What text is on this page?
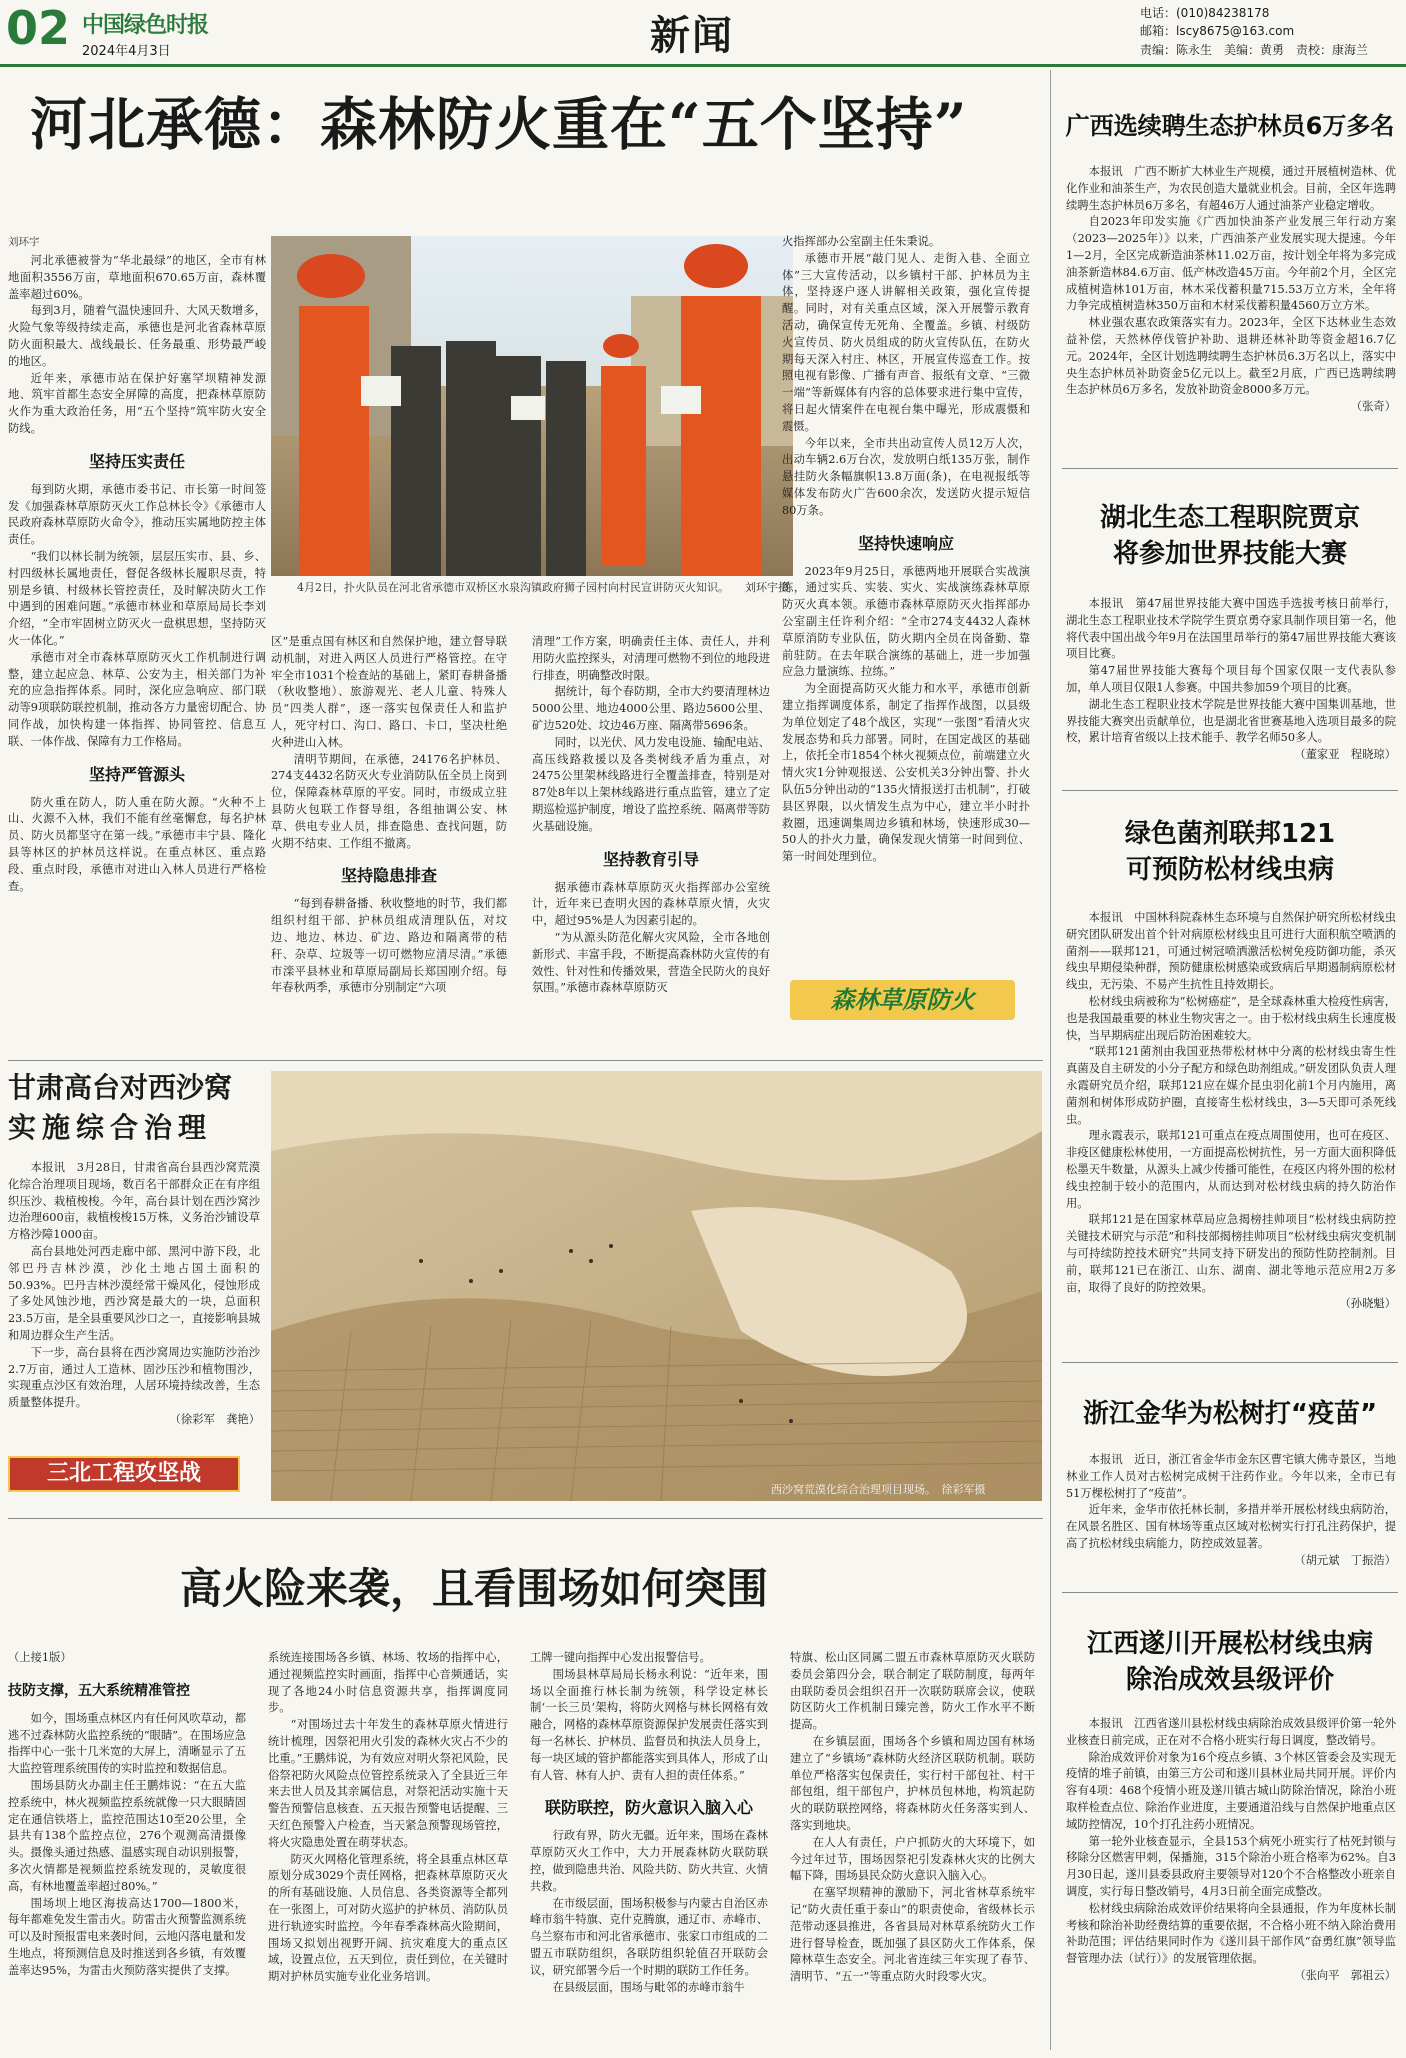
02 中国绿色时报
2024年4月3日	新闻	电话：(010)84238178
邮箱：lscy8675@163.com
责编：陈永生　美编：黄勇　责校：康海兰
河北承德：森林防火重在“五个坚持”
刘环宇

河北承德被誉为“华北最绿”的地区，全市有林地面积3556万亩，草地面积670.65万亩，森林覆盖率超过60%。

每到3月，随着气温快速回升、大风天数增多，火险气象等级持续走高，承德也是河北省森林草原防火面积最大、战线最长、任务最重、形势最严峻的地区。

近年来，承德市站在保护好塞罕坝精神发源地、筑牢首都生态安全屏障的高度，把森林草原防火作为重大政治任务，用“五个坚持”筑牢防火安全防线。

坚持压实责任

每到防火期，承德市委书记、市长第一时间签发《加强森林草原防灭火工作总林长令》《承德市人民政府森林草原防火命令》，推动压实属地防控主体责任。

“我们以林长制为统领，层层压实市、县、乡、村四级林长属地责任，督促各级林长履职尽责，特别是乡镇、村级林长管控责任，及时解决防火工作中遇到的困难问题。”承德市林业和草原局局长李刘介绍，“全市牢固树立防灭火一盘棋思想，坚持防灭火一体化。”

承德市对全市森林草原防灭火工作机制进行调整，建立起应急、林草、公安为主，相关部门为补充的应急指挥体系。同时，深化应急响应、部门联动等9项联防联控机制，推动各方力量密切配合、协同作战，加快构建一体指挥、协同管控、信息互联、一体作战、保障有力工作格局。

坚持严管源头

防火重在防人，防人重在防火源。“火种不上山、火源不入林，我们不能有丝毫懈怠，每名护林员、防火员都坚守在第一线。”承德市丰宁县、隆化县等林区的护林员这样说。在重点林区、重点路段、重点时段，承德市对进山入林人员进行严格检查。

4月2日，扑火队员在河北省承德市双桥区水泉沟镇政府狮子园村向村民宣讲防灭火知识。 刘环宇摄

区”是重点国有林区和自然保护地，建立督导联动机制，对进入两区人员进行严格管控。在守牢全市1031个检查站的基础上，紧盯春耕备播（秋收整地）、旅游观光、老人儿童、特殊人员“四类人群”，逐一落实包保责任人和监护人，死守村口、沟口、路口、卡口，坚决杜绝火种进山入林。

清明节期间，在承德，24176名护林员、274支4432名防灭火专业消防队伍全员上岗到位，保障森林草原的平安。同时，市级成立驻县防火包联工作督导组，各组抽调公安、林草、供电专业人员，排查隐患、查找问题，防火期不结束、工作组不撤离。

坚持隐患排查

“每到春耕备播、秋收整地的时节，我们都组织村组干部、护林员组成清理队伍，对坟边、地边、林边、矿边、路边和隔离带的秸秆、杂草、垃圾等一切可燃物应清尽清。”承德市滦平县林业和草原局副局长郑国刚介绍。每年春秋两季，承德市分别制定“六项

清理”工作方案，明确责任主体、责任人，并利用防火监控探头，对清理可燃物不到位的地段进行排查，明确整改时限。

据统计，每个春防期，全市大约要清理林边5000公里、地边4000公里、路边5600公里、矿边520处、坟边46万座、隔离带5696条。

同时，以光伏、风力发电设施、输配电站、高压线路救援以及各类树线矛盾为重点，对2475公里架林线路进行全覆盖排查，特别是对87处8年以上架林线路进行重点监管，建立了定期巡检巡护制度，增设了监控系统、隔离带等防火基础设施。

坚持教育引导

据承德市森林草原防灭火指挥部办公室统计，近年来已查明火因的森林草原火情，火灾中，超过95%是人为因素引起的。

“为从源头防范化解火灾风险，全市各地创新形式、丰富手段，不断提高森林防火宣传的有效性、针对性和传播效果，营造全民防火的良好氛围。”承德市森林草原防灭

火指挥部办公室副主任朱秉说。

承德市开展“敲门见人、走街入巷、全面立体”三大宣传活动，以乡镇村干部、护林员为主体，坚持逐户逐人讲解相关政策，强化宣传提醒。同时，对有关重点区域，深入开展警示教育活动，确保宣传无死角、全覆盖。乡镇、村级防火宣传员、防火员组成的防火宣传队伍，在防火期每天深入村庄、林区，开展宣传巡查工作。按照电视有影像、广播有声音、报纸有文章、“三微一端”等新媒体有内容的总体要求进行集中宣传，将日起火情案件在电视台集中曝光，形成震慑和震慑。

今年以来，全市共出动宣传人员12万人次，出动车辆2.6万台次，发放明白纸135万张，制作悬挂防火条幅旗帜13.8万面(条)，在电视报纸等媒体发布防火广告600余次，发送防火提示短信80万条。

坚持快速响应

2023年9月25日，承德两地开展联合实战演练，通过实兵、实装、实火、实战演练森林草原防灭火真本领。承德市森林草原防灭火指挥部办公室副主任许利介绍：“全市274支4432人森林草原消防专业队伍，防火期内全员在岗备勤、靠前驻防。在去年联合演练的基础上，进一步加强应急力量演练、拉练。”

为全面提高防灭火能力和水平，承德市创新建立指挥调度体系，制定了指挥作战图，以县级为单位划定了48个战区，实现“一张图”看清火灾发展态势和兵力部署。同时，在国定战区的基础上，依托全市1854个林火视频点位，前端建立火情火灾1分钟观报送、公安机关3分钟出警、扑火队伍5分钟出动的“135火情报送打击机制”，打破县区界限，以火情发生点为中心，建立半小时扑救圈，迅速调集周边乡镇和林场，快速形成30—50人的扑火力量，确保发现火情第一时间到位、第一时间处理到位。

森林草原防火
甘肃高台对西沙窝
实施综合治理

本报讯　3月28日，甘肃省高台县西沙窝荒漠化综合治理项目现场，数百名干部群众正在有序组织压沙、栽植梭梭。今年，高台县计划在西沙窝沙边治理600亩，栽植梭梭15万株，义务治沙铺设草方格沙障1000亩。

高台县地处河西走廊中部、黑河中游下段，北邻巴丹吉林沙漠，沙化土地占国土面积的50.93%。巴丹吉林沙漠经常干燥风化，侵蚀形成了多处风蚀沙地，西沙窝是最大的一块，总面积23.5万亩，是全县重要风沙口之一，直接影响县城和周边群众生产生活。

下一步，高台县将在西沙窝周边实施防沙治沙2.7万亩，通过人工造林、固沙压沙和植物围沙，实现重点沙区有效治理，人居环境持续改善，生态质量整体提升。

（徐彩军　龚艳）

三北工程攻坚战
西沙窝荒漠化综合治理项目现场。　 徐彩军摄
高火险来袭，且看围场如何突围

（上接1版）

技防支撑，五大系统精准管控

如今，围场重点林区内有任何风吹草动，都逃不过森林防火监控系统的“眼睛”。在围场应急指挥中心一张十几米宽的大屏上，清晰显示了五大监控管理系统围传的实时监控和数据信息。

围场县防火办副主任王鹏炜说：“在五大监控系统中，林火视频监控系统就像一只大眼睛固定在通信铁塔上，监控范围达10至20公里，全县共有138个监控点位，276个观测高清摄像头。摄像头通过热感、温感实现自动识别报警，多次火情都是视频监控系统发现的，灵敏度很高，有林地覆盖率超过80%。”

围场坝上地区海拔高达1700—1800米，每年都难免发生雷击火。防雷击火预警监测系统可以及时预报雷电来袭时间，云地闪落电量和发生地点，将预测信息及时推送到各乡镇，有效覆盖率达95%，为雷击火预防落实提供了支撑。

系统连接围场各乡镇、林场、牧场的指挥中心，通过视频监控实时画面，指挥中心音频通话，实现了各地24小时信息资源共享，指挥调度同步。

“对围场过去十年发生的森林草原火情进行统计梳理，因祭祀用火引发的森林火灾占不少的比重。”王鹏炜说，为有效应对明火祭祀风险，民俗祭祀防火风险点位管控系统录入了全县近三年来去世人员及其亲属信息，对祭祀活动实施十天警告预警信息核查、五天报告预警电话提醒、三天红色预警入户检查，当天紧急预警现场管控，将火灾隐患处置在萌芽状态。

防灭火网格化管理系统，将全县重点林区草原划分成3029个责任网格，把森林草原防灭火的所有基础设施、人员信息、各类资源等全都列在一张图上，可对防火巡护的护林员、消防队员进行轨迹实时监控。今年春季森林高火险期间，围场又拟划出视野开阔、抗灾难度大的重点区域，设置点位，五天到位，责任到位，在关键时期对护林员实施专业化业务培训。

工牌一键向指挥中心发出报警信号。

围场县林草局局长杨永利说：“近年来，围场以全面推行林长制为统领，科学设定林长制‘一长三员’架构，将防火网格与林长网格有效融合，网格的森林草原资源保护发展责任落实到每一名林长、护林员、监督员和执法人员身上，每一块区域的管护都能落实到具体人，形成了山有人管、林有人护、责有人担的责任体系。”

联防联控，防火意识入脑入心

行政有界，防火无疆。近年来，围场在森林草原防灭火工作中，大力开展森林防火联防联控，做到隐患共治、风险共防、防火共宣、火情共救。

在市级层面，围场积极参与内蒙古自治区赤峰市翁牛特旗、克什克腾旗，通辽市、赤峰市、乌兰察布市和河北省承德市、张家口市组成的二盟五市联防组织，各联防组织轮值召开联防会议，研究部署今后一个时期的联防工作任务。

在县级层面，围场与毗邻的赤峰市翁牛

特旗、松山区同属二盟五市森林草原防灭火联防委员会第四分会，联合制定了联防制度，每两年由联防委员会组织召开一次联防联席会议，使联防区防火工作机制日臻完善，防火工作水平不断提高。

在乡镇层面，围场各个乡镇和周边国有林场建立了“乡镇场”森林防火经济区联防机制。联防单位严格落实包保责任，实行村干部包社、村干部包组，组干部包户，护林员包林地，构筑起防火的联防联控网络，将森林防火任务落实到人、落实到地块。

在人人有责任，户户抓防火的大环境下，如今过年过节，围场因祭祀引发森林火灾的比例大幅下降，围场县民众防火意识入脑入心。

在塞罕坝精神的激励下，河北省林草系统牢记“防火责任重于泰山”的职责使命，省级林长示范带动逐县推进，各省县局对林草系统防火工作进行督导检查，既加强了县区防火工作体系，保障林草生态安全。河北省连续三年实现了春节、清明节、“五一”等重点防火时段零火灾。

广西选续聘生态护林员6万多名

本报讯　广西不断扩大林业生产规模，通过开展植树造林、优化作业和油茶生产，为农民创造大量就业机会。目前，全区年选聘续聘生态护林员6万多名，有超46万人通过油茶产业稳定增收。

自2023年印发实施《广西加快油茶产业发展三年行动方案（2023—2025年）》以来，广西油茶产业发展实现大提速。今年1—2月，全区完成新造油茶林11.02万亩，按计划全年将为多完成油茶新造林84.6万亩、低产林改造45万亩。今年前2个月，全区完成植树造林101万亩，林木采伐蓄积量715.53万立方米，全年将力争完成植树造林350万亩和木材采伐蓄积量4560万立方米。

林业强农惠农政策落实有力。2023年，全区下达林业生态效益补偿，天然林停伐管护补助、退耕还林补助等资金超16.7亿元。2024年，全区计划选聘续聘生态护林员6.3万名以上，落实中央生态护林员补助资金5亿元以上。截至2月底，广西已选聘续聘生态护林员6万多名，发放补助资金8000多万元。

（张奇）

湖北生态工程职院贾京
将参加世界技能大赛

本报讯　第47届世界技能大赛中国选手选拔考核日前举行，湖北生态工程职业技术学院学生贾京勇夺家具制作项目第一名，他将代表中国出战今年9月在法国里昂举行的第47届世界技能大赛该项目比赛。

第47届世界技能大赛每个项目每个国家仅限一支代表队参加，单人项目仅限1人参赛。中国共参加59个项目的比赛。

湖北生态工程职业技术学院是世界技能大赛中国集训基地，世界技能大赛突出贡献单位，也是湖北省世赛基地入选项目最多的院校，累计培育省级以上技术能手、教学名师50多人。

（董家亚　程晓琼）

绿色菌剂联邦121
可预防松材线虫病

本报讯　中国林科院森林生态环境与自然保护研究所松材线虫研究团队研发出首个针对病原松材线虫且可进行大面积航空喷洒的菌剂——联邦121，可通过树冠喷洒激活松树免疫防御功能，杀灭线虫早期侵染种群，预防健康松树感染或致病后早期遏制病原松材线虫，无污染、不易产生抗性且持效期长。

松材线虫病被称为“松树癌症”，是全球森林重大检疫性病害，也是我国最重要的林业生物灾害之一。由于松材线虫病生长速度极快，当早期病症出现后防治困难较大。

“联邦121菌剂由我国亚热带松材林中分离的松材线虫寄生性真菌及自主研发的小分子配方和绿色助剂组成。”研发团队负责人理永霞研究员介绍，联邦121应在媒介昆虫羽化前1个月内施用，离菌剂和树体形成防护圈，直接寄生松材线虫，3—5天即可杀死线虫。

理永霞表示，联邦121可重点在疫点周围使用，也可在疫区、非疫区健康松林使用，一方面提高松树抗性，另一方面大面积降低松墨天牛数量，从源头上减少传播可能性，在疫区内将外围的松材线虫控制于较小的范围内，从而达到对松材线虫病的持久防治作用。

联邦121是在国家林草局应急揭榜挂帅项目“松材线虫病防控关键技术研究与示范”和科技部揭榜挂帅项目“松材线虫病灾变机制与可持续防控技术研究”共同支持下研发出的预防性防控制剂。目前，联邦121已在浙江、山东、湖南、湖北等地示范应用2万多亩，取得了良好的防控效果。

（孙晓魁）

浙江金华为松树打“疫苗”

本报讯　近日，浙江省金华市金东区曹宅镇大佛寺景区，当地林业工作人员对古松树完成树干注药作业。今年以来，全市已有51万棵松树打了“疫苗”。

近年来，金华市依托林长制，多措并举开展松材线虫病防治，在风景名胜区、国有林场等重点区域对松树实行打孔注药保护，提高了抗松材线虫病能力，防控成效显著。

（胡元斌　丁振浩）

江西遂川开展松材线虫病
除治成效县级评价

本报讯　江西省遂川县松材线虫病除治成效县级评价第一轮外业核查日前完成，正在对不合格小班实行每日调度，整改销号。

除治成效评价对象为16个疫点乡镇、3个林区管委会及实现无疫情的堆子前镇，由第三方公司和遂川县林业局共同开展。评价内容有4项：468个疫情小班及遂川镇古城山防除治情况，除治小班取样检查点位、除治作业进度，主要通道沿线与自然保护地重点区域防控情况，10个打孔注药小班情况。

第一轮外业核查显示，全县153个病死小班实行了枯死封锁与移除分区燃害甲刺，保播施，315个除治小班合格率为62%。自3月30日起，遂川县委县政府主要领导对120个不合格整改小班亲自调度，实行每日整改销号，4月3日前全面完成整改。

松材线虫病除治成效评价结果将向全县通报，作为年度林长制考核和除治补助经费结算的重要依据，不合格小班不纳入除治费用补助范围；评估结果同时作为《遂川县干部作风“奋勇红旗”领导监督管理办法（试行）》的发展管理依据。

（张向平　郭祖云）
